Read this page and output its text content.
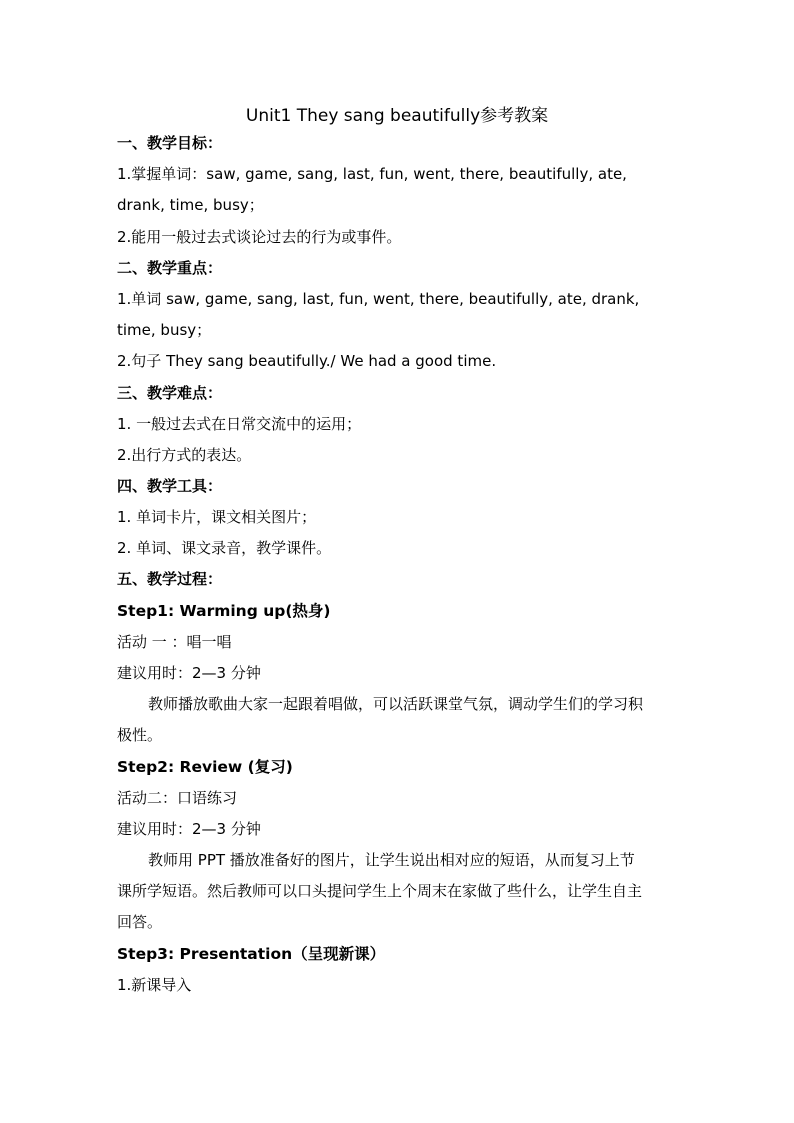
Unit1 They sang beautifully参考教案
一、教学目标：
1.掌握单词：saw, game, sang, last, fun, went, there, beautifully, ate,
drank, time, busy；
2.能用一般过去式谈论过去的行为或事件。
二、教学重点：
1.单词 saw, game, sang, last, fun, went, there, beautifully, ate, drank,
time, busy；
2.句子 They sang beautifully./ We had a good time.
三、教学难点：
1. 一般过去式在日常交流中的运用；
2.出行方式的表达。
四、教学工具：
1. 单词卡片，课文相关图片；
2. 单词、课文录音，教学课件。
五、教学过程：
Step1: Warming up(热身)
活动 一 ：唱一唱
建议用时：2—3 分钟
教师播放歌曲大家一起跟着唱做，可以活跃课堂气氛，调动学生们的学习积
极性。
Step2: Review (复习)
活动二：口语练习
建议用时：2—3 分钟
教师用 PPT 播放准备好的图片，让学生说出相对应的短语，从而复习上节
课所学短语。然后教师可以口头提问学生上个周末在家做了些什么，让学生自主
回答。
Step3: Presentation（呈现新课）
1.新课导入
